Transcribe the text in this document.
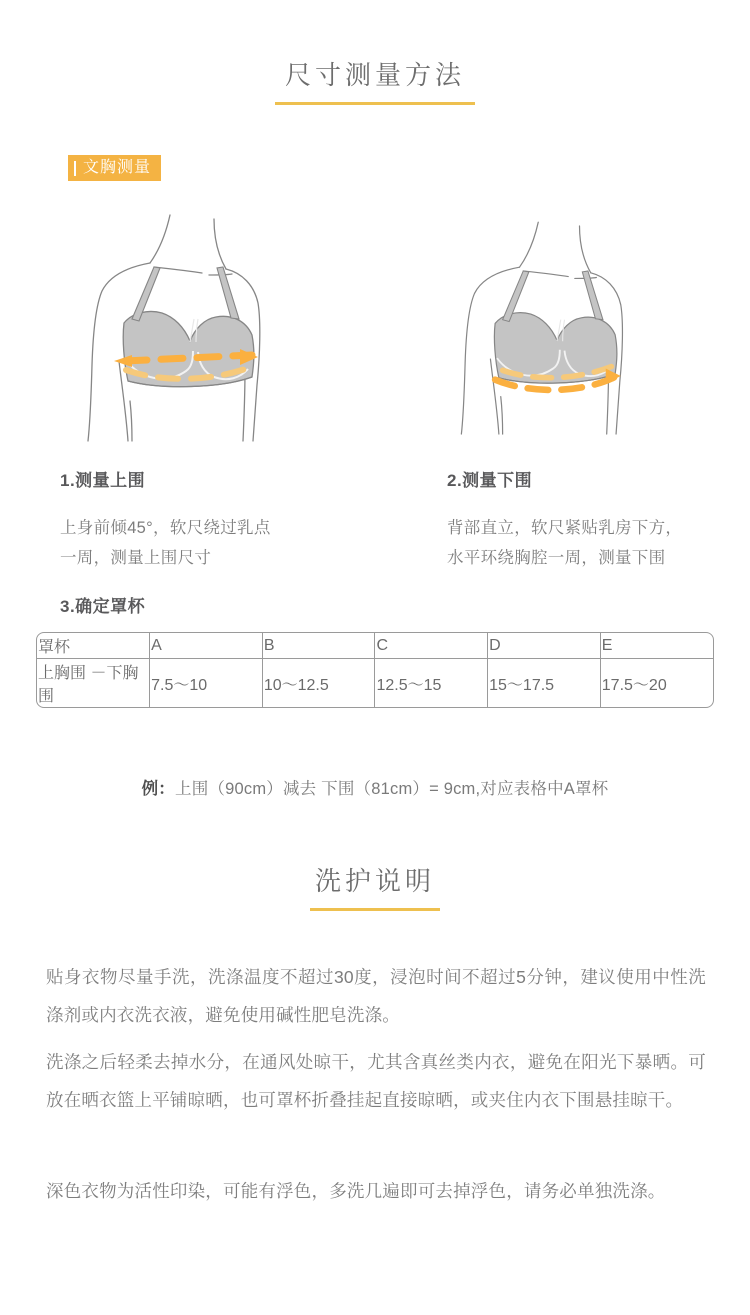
尺寸测量方法
文胸测量
1.测量上围
上身前倾45°，软尺绕过乳点
一周，测量上围尺寸
2.测量下围
背部直立，软尺紧贴乳房下方，
水平环绕胸腔一周，测量下围
3.确定罩杯
罩杯	A	B	C	D	E
上胸围 －下胸围	7.5～10	10～12.5	12.5～15	15～17.5	17.5～20
例：上围（90cm）减去 下围（81cm）= 9cm,对应表格中A罩杯
洗护说明
贴身衣物尽量手洗，洗涤温度不超过30度，浸泡时间不超过5分钟，建议使用中性洗涤剂或内衣洗衣液，避免使用碱性肥皂洗涤。
洗涤之后轻柔去掉水分，在通风处晾干，尤其含真丝类内衣，避免在阳光下暴晒。可放在晒衣篮上平铺晾晒，也可罩杯折叠挂起直接晾晒，或夹住内衣下围悬挂晾干。
深色衣物为活性印染，可能有浮色，多洗几遍即可去掉浮色，请务必单独洗涤。
